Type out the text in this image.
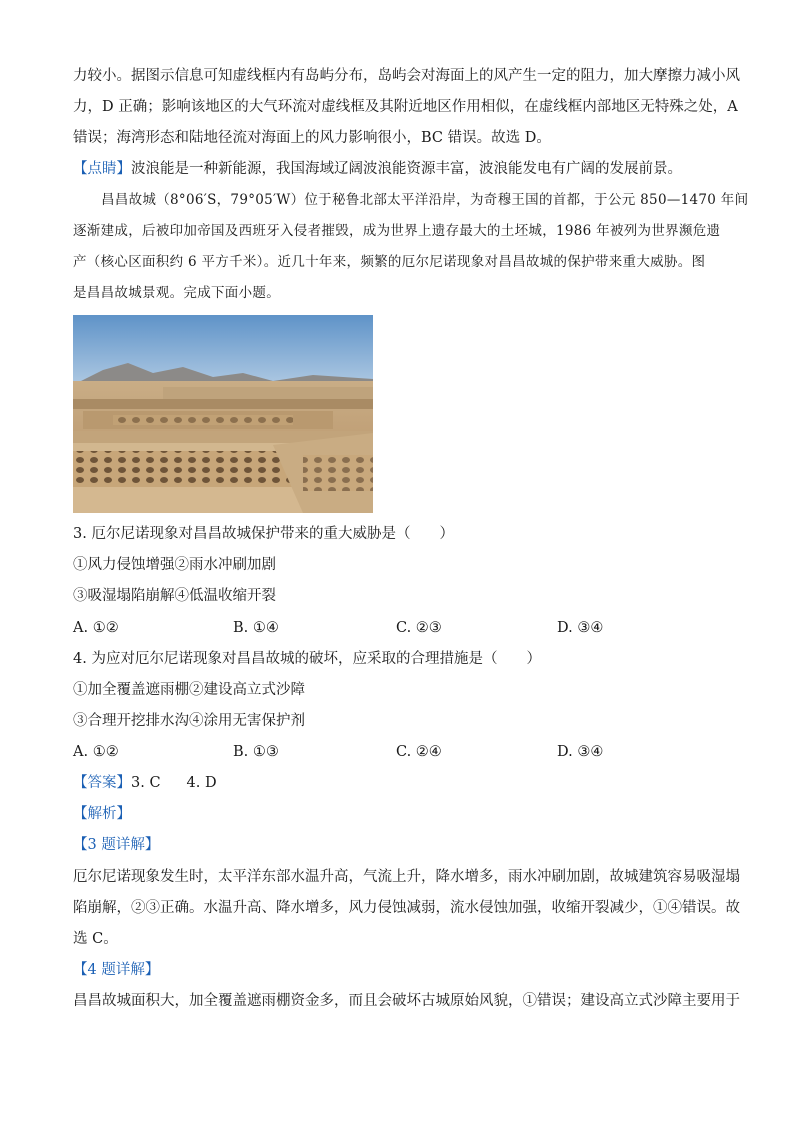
力较小。据图示信息可知虚线框内有岛屿分布，岛屿会对海面上的风产生一定的阻力，加大摩擦力减小风
力，D 正确；影响该地区的大气环流对虚线框及其附近地区作用相似，在虚线框内部地区无特殊之处，A
错误；海湾形态和陆地径流对海面上的风力影响很小，BC 错误。故选 D。
【点睛】波浪能是一种新能源，我国海域辽阔波浪能资源丰富，波浪能发电有广阔的发展前景。
昌昌故城（8°06′S，79°05′W）位于秘鲁北部太平洋沿岸，为奇穆王国的首都，于公元 850—1470 年间
逐渐建成，后被印加帝国及西班牙入侵者摧毁，成为世界上遗存最大的土坯城，1986 年被列为世界濒危遗
产（核心区面积约 6 平方千米）。近几十年来，频繁的厄尔尼诺现象对昌昌故城的保护带来重大威胁。图
是昌昌故城景观。完成下面小题。
3. 厄尔尼诺现象对昌昌故城保护带来的重大威胁是（　　）
①风力侵蚀增强②雨水冲刷加剧
③吸湿塌陷崩解④低温收缩开裂
A. ①②	B. ①④	C. ②③	D. ③④
4. 为应对厄尔尼诺现象对昌昌故城的破坏，应采取的合理措施是（　　）
①加全覆盖遮雨棚②建设高立式沙障
③合理开挖排水沟④涂用无害保护剂
A. ①②	B. ①③	C. ②④	D. ③④
【答案】3. C 4. D
【解析】
【3 题详解】
厄尔尼诺现象发生时，太平洋东部水温升高，气流上升，降水增多，雨水冲刷加剧，故城建筑容易吸湿塌
陷崩解，②③正确。水温升高、降水增多，风力侵蚀减弱，流水侵蚀加强，收缩开裂减少，①④错误。故
选 C。
【4 题详解】
昌昌故城面积大，加全覆盖遮雨棚资金多，而且会破坏古城原始风貌，①错误；建设高立式沙障主要用于
